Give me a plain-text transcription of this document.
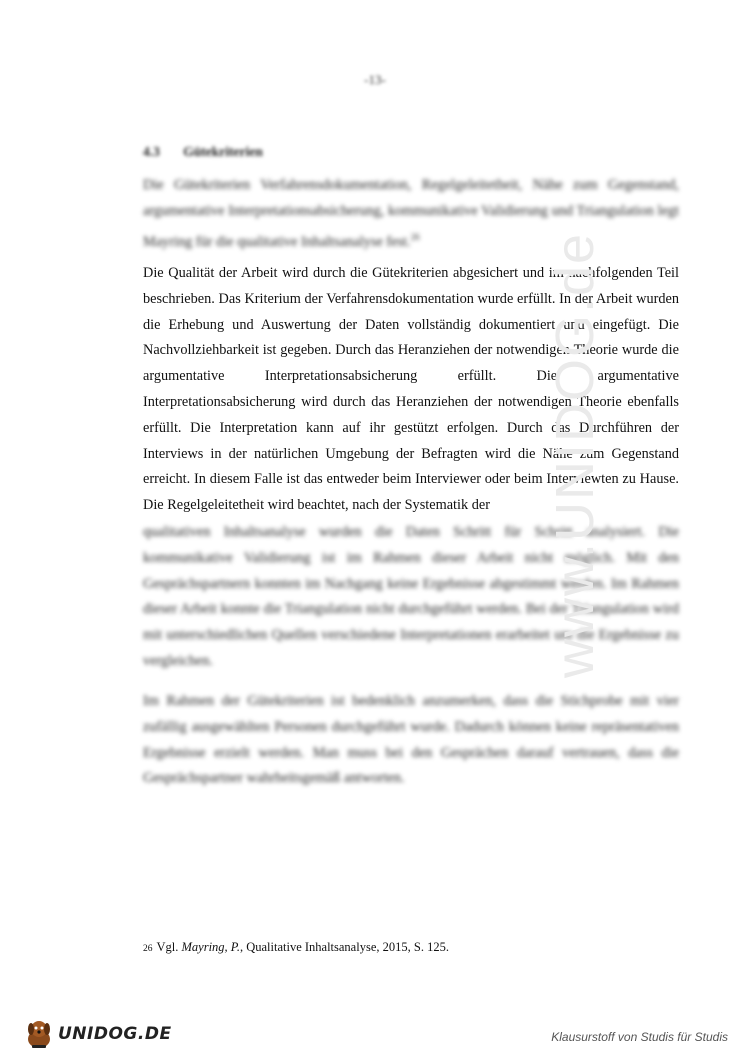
-13-
4.3 Gütekriterien
Die Gütekriterien Verfahrensdokumentation, Regelgeleitetheit, Nähe zum Gegenstand, argumentative Interpretationsabsicherung, kommunikative Validierung und Triangulation legt Mayring für die qualitative Inhaltsanalyse fest.$^{26}$
Die Qualität der Arbeit wird durch die Gütekriterien abgesichert und im nachfolgenden Teil beschrieben. Das Kriterium der Verfahrensdokumentation wurde erfüllt. In der Arbeit wurden die Erhebung und Auswertung der Daten vollständig dokumentiert und eingefügt. Die Nachvollziehbarkeit ist gegeben. Durch das Heranziehen der notwendigen Theorie wurde die argumentative Interpretationsabsicherung erfüllt. Die argumentative Interpretationsabsicherung wird durch das Heranziehen der notwendigen Theorie ebenfalls erfüllt. Die Interpretation kann auf ihr gestützt erfolgen. Durch das Durchführen der Interviews in der natürlichen Umgebung der Befragten wird die Nähe zum Gegenstand erreicht. In diesem Falle ist das entweder beim Interviewer oder beim Interviewten zu Hause. Die Regelgeleitetheit wird beachtet, nach der Systematik der
qualitativen Inhaltsanalyse wurden die Daten Schritt für Schritt analysiert. Die kommunikative Validierung ist im Rahmen dieser Arbeit nicht möglich. Mit den Gesprächspartnern konnten im Nachgang keine Ergebnisse abgestimmt werden. Im Rahmen dieser Arbeit konnte die Triangulation nicht durchgeführt werden. Bei der Triangulation wird mit unterschiedlichen Quellen verschiedene Interpretationen erarbeitet um die Ergebnisse zu vergleichen.
Im Rahmen der Gütekriterien ist bedenklich anzumerken, dass die Stichprobe mit vier zufällig ausgewählten Personen durchgeführt wurde. Dadurch können keine repräsentativen Ergebnisse erzielt werden. Man muss bei den Gesprächen darauf vertrauen, dass die Gesprächspartner wahrheitsgemäß antworten.
26 Vgl. Mayring, P., Qualitative Inhaltsanalyse, 2015, S. 125.
www.UNIDOG.de
UNIDOG.DE	Klausurstoff von Studis für Studis
